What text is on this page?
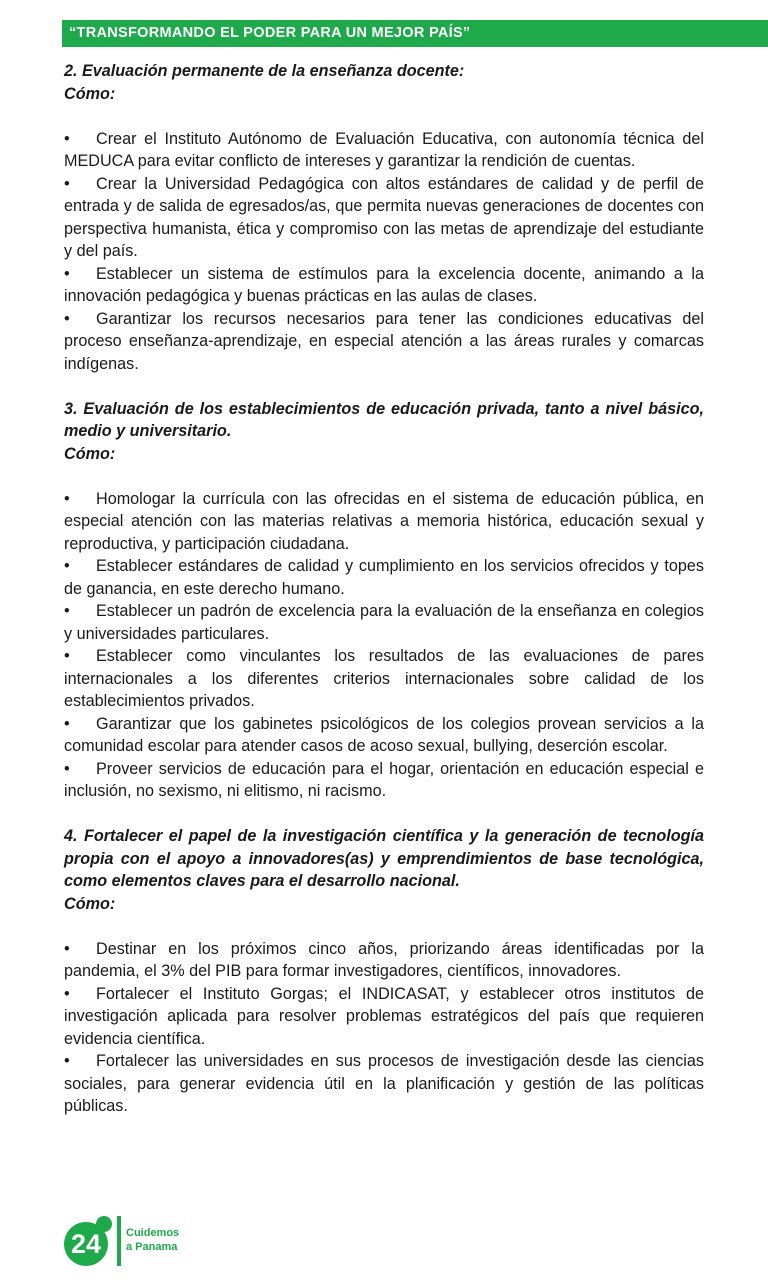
“TRANSFORMANDO EL PODER PARA UN MEJOR PAÍS”
2. Evaluación permanente de la enseñanza docente:
Cómo:
• Crear el Instituto Autónomo de Evaluación Educativa, con autonomía técnica del MEDUCA para evitar conflicto de intereses y garantizar la rendición de cuentas.
• Crear la Universidad Pedagógica con altos estándares de calidad y de perfil de entrada y de salida de egresados/as, que permita nuevas generaciones de docentes con perspectiva humanista, ética y compromiso con las metas de aprendizaje del estudiante y del país.
• Establecer un sistema de estímulos para la excelencia docente, animando a la innovación pedagógica y buenas prácticas en las aulas de clases.
• Garantizar los recursos necesarios para tener las condiciones educativas del proceso enseñanza-aprendizaje, en especial atención a las áreas rurales y comarcas indígenas.
3. Evaluación de los establecimientos de educación privada, tanto a nivel básico, medio y universitario.
Cómo:
• Homologar la currícula con las ofrecidas en el sistema de educación pública, en especial atención con las materias relativas a memoria histórica, educación sexual y reproductiva, y participación ciudadana.
• Establecer estándares de calidad y cumplimiento en los servicios ofrecidos y topes de ganancia, en este derecho humano.
• Establecer un padrón de excelencia para la evaluación de la enseñanza en colegios y universidades particulares.
• Establecer como vinculantes los resultados de las evaluaciones de pares internacionales a los diferentes criterios internacionales sobre calidad de los establecimientos privados.
• Garantizar que los gabinetes psicológicos de los colegios provean servicios a la comunidad escolar para atender casos de acoso sexual, bullying, deserción escolar.
• Proveer servicios de educación para el hogar, orientación en educación especial e inclusión, no sexismo, ni elitismo, ni racismo.
4. Fortalecer el papel de la investigación científica y la generación de tecnología propia con el apoyo a innovadores(as) y emprendimientos de base tecnológica, como elementos claves para el desarrollo nacional.
Cómo:
• Destinar en los próximos cinco años, priorizando áreas identificadas por la pandemia, el 3% del PIB para formar investigadores, científicos, innovadores.
• Fortalecer el Instituto Gorgas; el INDICASAT, y establecer otros institutos de investigación aplicada para resolver problemas estratégicos del país que requieren evidencia científica.
• Fortalecer las universidades en sus procesos de investigación desde las ciencias sociales, para generar evidencia útil en la planificación y gestión de las políticas públicas.
24	Cuidemos
a Panama
